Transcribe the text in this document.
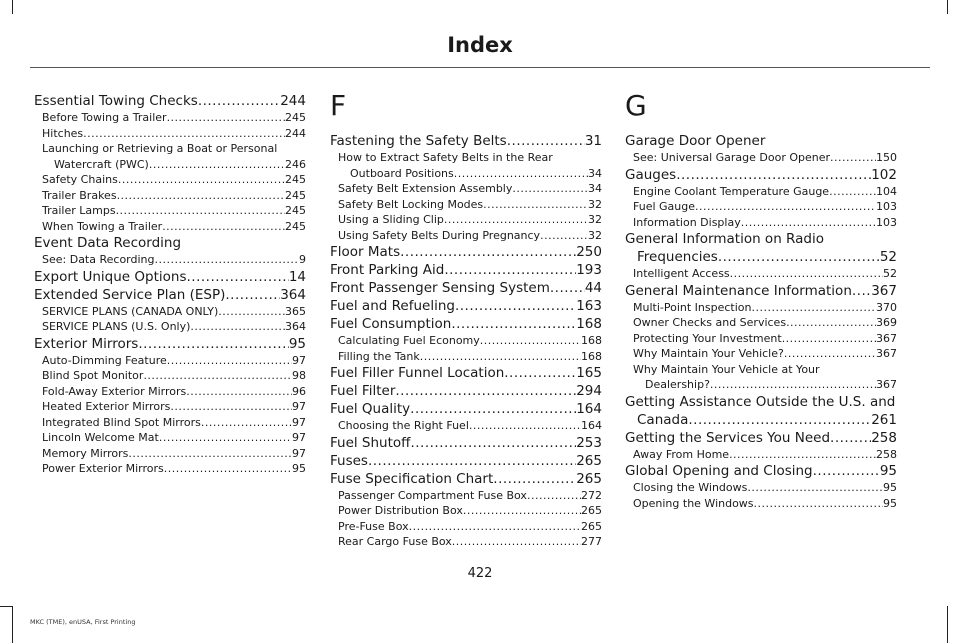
Index
Essential Towing Checks .....	244
Before Towing a Trailer .....	245
Hitches .....	244
Launching or Retrieving a Boat or Personal
Watercraft (PWC) .....	246
Safety Chains .....	245
Trailer Brakes .....	245
Trailer Lamps .....	245
When Towing a Trailer .....	245
Event Data Recording
See: Data Recording .....	9
Export Unique Options .....	14
Extended Service Plan (ESP) .....	364
SERVICE PLANS (CANADA ONLY) .....	365
SERVICE PLANS (U.S. Only) .....	364
Exterior Mirrors .....	95
Auto-Dimming Feature .....	97
Blind Spot Monitor .....	98
Fold-Away Exterior Mirrors .....	96
Heated Exterior Mirrors .....	97
Integrated Blind Spot Mirrors .....	97
Lincoln Welcome Mat .....	97
Memory Mirrors .....	97
Power Exterior Mirrors .....	95
F
Fastening the Safety Belts .....	31
How to Extract Safety Belts in the Rear
Outboard Positions .....	34
Safety Belt Extension Assembly .....	34
Safety Belt Locking Modes .....	32
Using a Sliding Clip .....	32
Using Safety Belts During Pregnancy .....	32
Floor Mats .....	250
Front Parking Aid .....	193
Front Passenger Sensing System .....	44
Fuel and Refueling .....	163
Fuel Consumption .....	168
Calculating Fuel Economy .....	168
Filling the Tank .....	168
Fuel Filler Funnel Location .....	165
Fuel Filter .....	294
Fuel Quality .....	164
Choosing the Right Fuel .....	164
Fuel Shutoff .....	253
Fuses .....	265
Fuse Specification Chart .....	265
Passenger Compartment Fuse Box .....	272
Power Distribution Box .....	265
Pre-Fuse Box .....	265
Rear Cargo Fuse Box .....	277
G
Garage Door Opener
See: Universal Garage Door Opener .....	150
Gauges .....	102
Engine Coolant Temperature Gauge .....	104
Fuel Gauge .....	103
Information Display .....	103
General Information on Radio
Frequencies .....	52
Intelligent Access .....	52
General Maintenance Information ..... 367
Multi-Point Inspection .....	370
Owner Checks and Services .....	369
Protecting Your Investment .....	367
Why Maintain Your Vehicle? .....	367
Why Maintain Your Vehicle at Your
Dealership? .....	367
Getting Assistance Outside the U.S. and
Canada .....	261
Getting the Services You Need .....	258
Away From Home .....	258
Global Opening and Closing .....	95
Closing the Windows .....	95
Opening the Windows .....	95
422
MKC (TME), enUSA, First Printing
